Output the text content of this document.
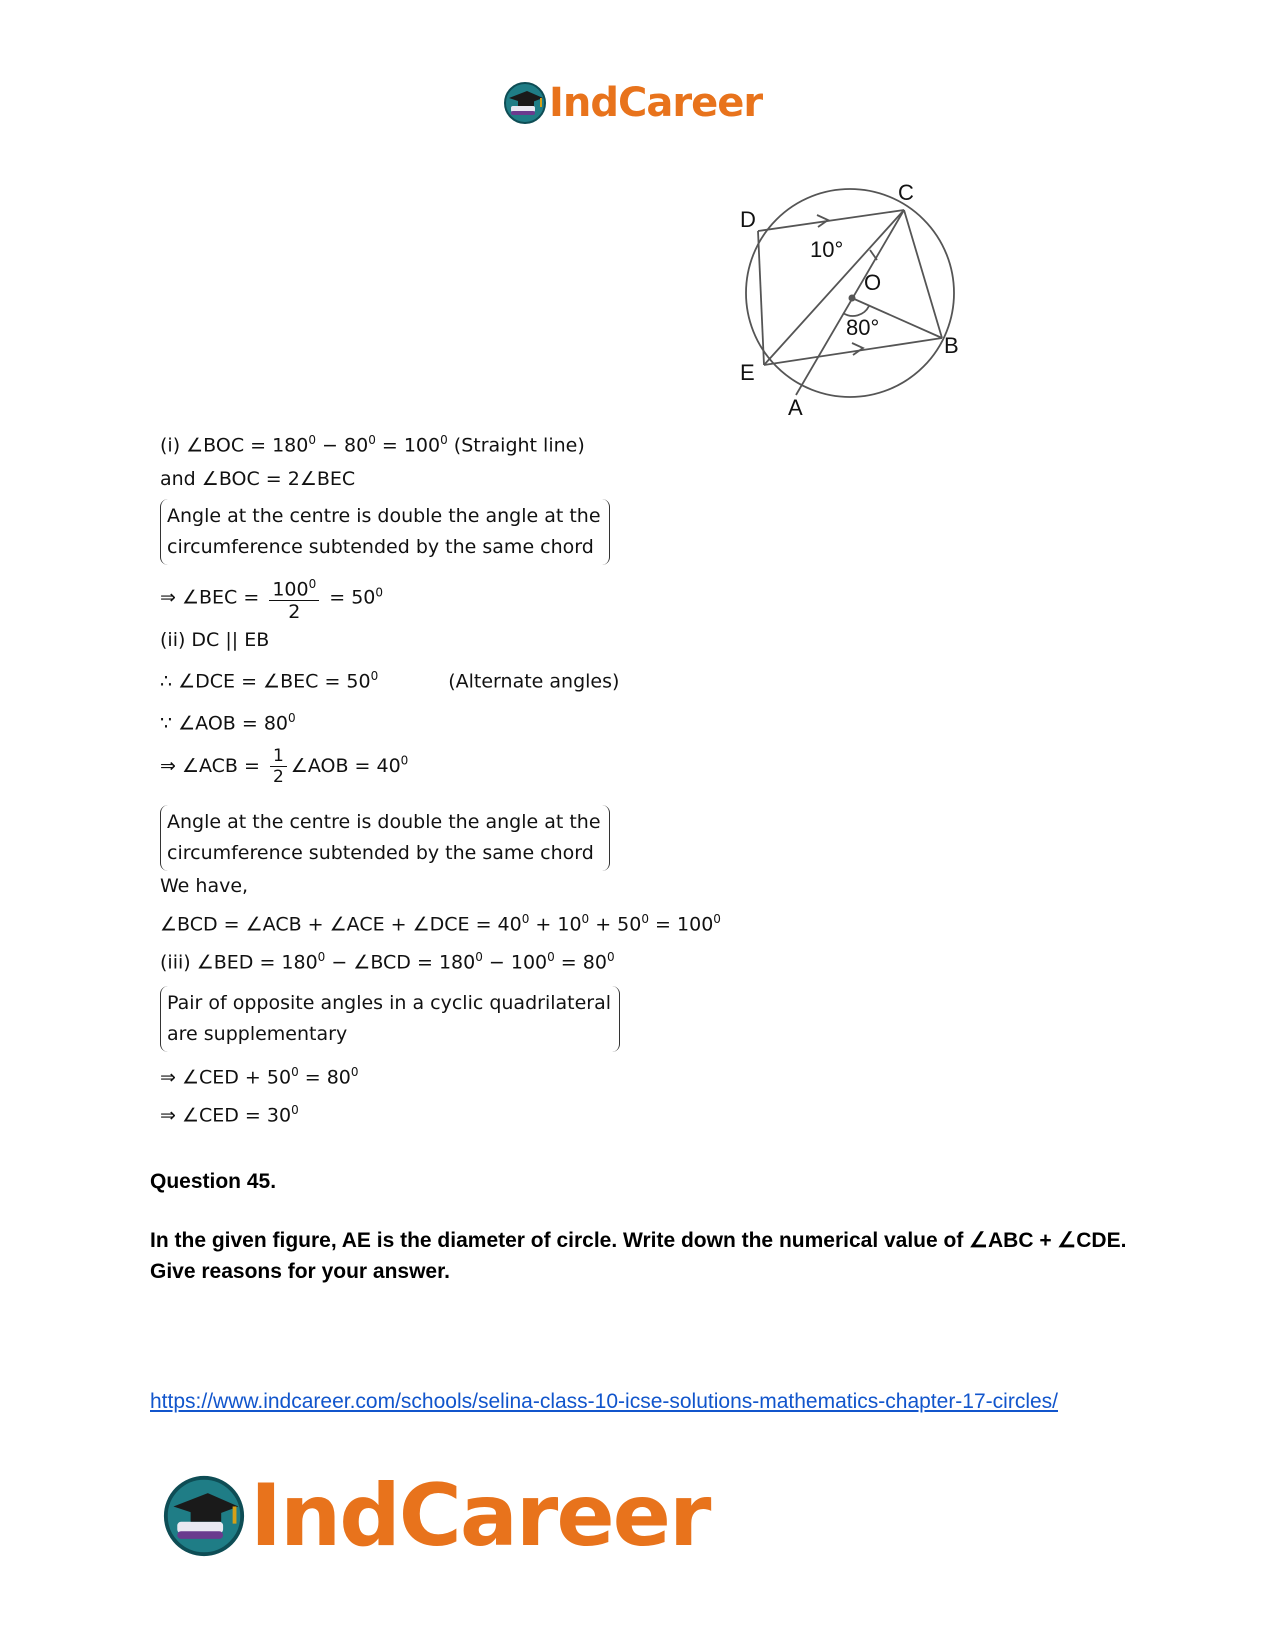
IndCareer
C
D
O
B
E
A
10°
80°
(i) ∠BOC = $180^0 - 80^0 = 100^0$ (Straight line)
and ∠BOC = 2∠BEC
Angle at the centre is double the angle at the
circumference subtended by the same chord
⇒ ∠BEC = $\frac{100^0}{2} = 50^0$
(ii) DC || EB
∴ ∠DCE = ∠BEC = $50^0$	(Alternate angles)
∵ ∠AOB = $80^0$
⇒ ∠ACB = $\frac{1}{2}$ ∠AOB = $40^0$
Angle at the centre is double the angle at the
circumference subtended by the same chord
We have,
∠BCD = ∠ACB + ∠ACE + ∠DCE = $40^0 + 10^0 + 50^0 = 100^0$
(iii) ∠BED = $180^0$ − ∠BCD = $180^0 - 100^0 = 80^0$
Pair of opposite angles in a cyclic quadrilateral
are supplementary
⇒ ∠CED + $50^0 = 80^0$
⇒ ∠CED = $30^0$
Question 45.
In the given figure, AE is the diameter of circle. Write down the numerical value of ∠ABC + ∠CDE. Give reasons for your answer.
https://www.indcareer.com/schools/selina-class-10-icse-solutions-mathematics-chapter-17-circles/
IndCareer
